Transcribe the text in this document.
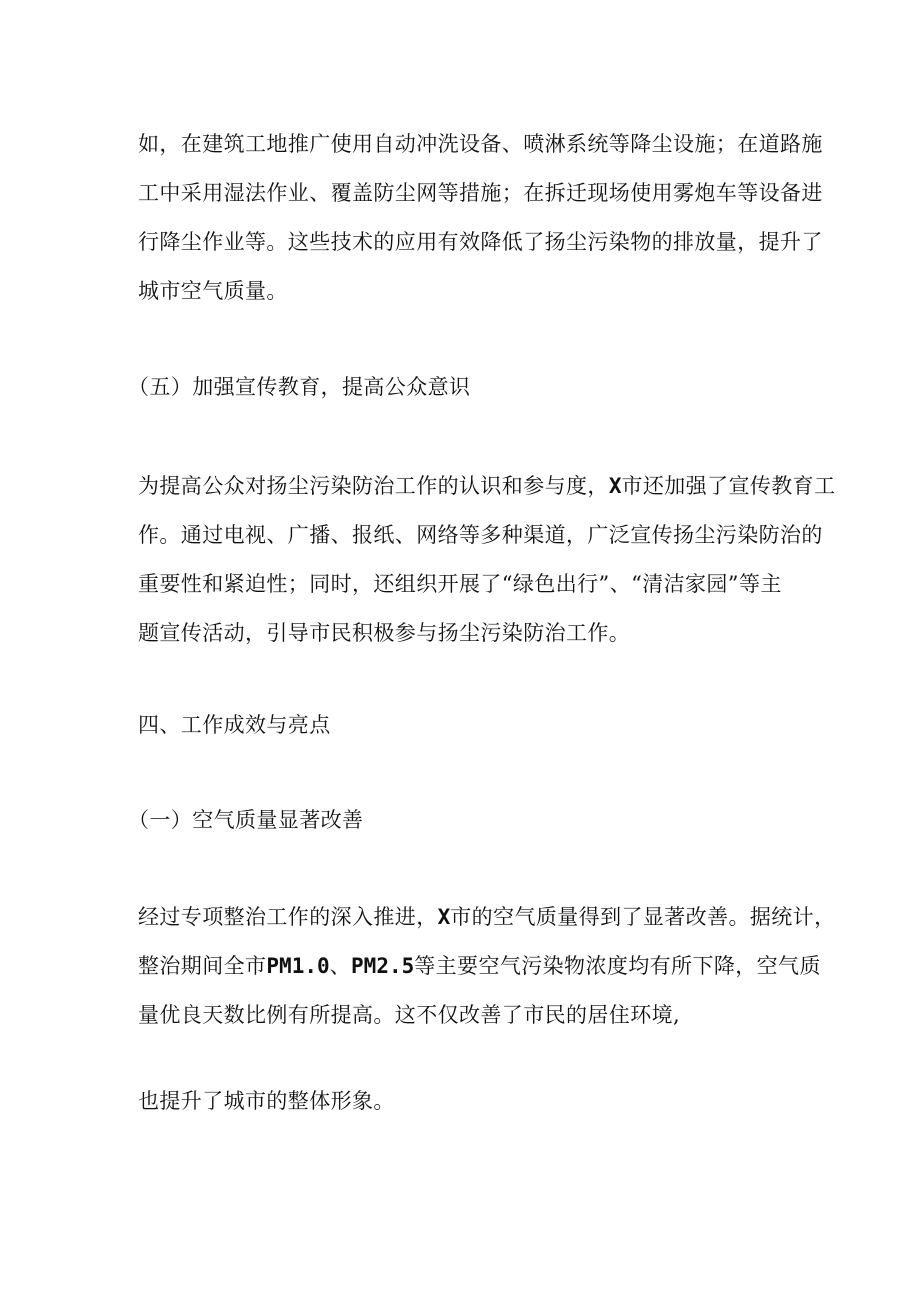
如，在建筑工地推广使用自动冲洗设备、喷淋系统等降尘设施；在道路施
工中采用湿法作业、覆盖防尘网等措施；在拆迁现场使用雾炮车等设备进
行降尘作业等。这些技术的应用有效降低了扬尘污染物的排放量，提升了
城市空气质量。

（五）加强宣传教育，提高公众意识

为提高公众对扬尘污染防治工作的认识和参与度，X市还加强了宣传教育工
作。通过电视、广播、报纸、网络等多种渠道，广泛宣传扬尘污染防治的
重要性和紧迫性；同时，还组织开展了“绿色出行”、“清洁家园”等主
题宣传活动，引导市民积极参与扬尘污染防治工作。

四、工作成效与亮点

（一）空气质量显著改善

经过专项整治工作的深入推进，X市的空气质量得到了显著改善。据统计，
整治期间全市PM1.0、PM2.5等主要空气污染物浓度均有所下降，空气质
量优良天数比例有所提高。这不仅改善了市民的居住环境,

也提升了城市的整体形象。
